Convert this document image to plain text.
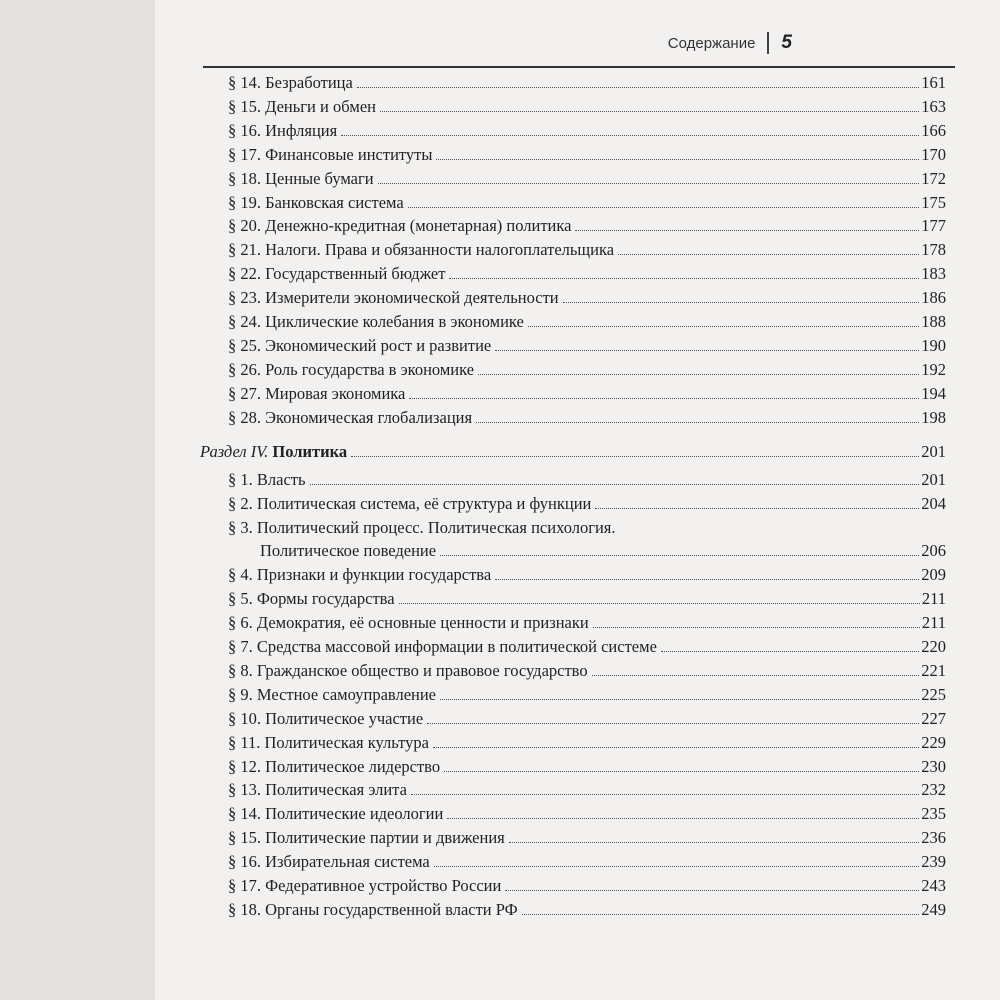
Содержание 5
§ 14. Безработица	161
§ 15. Деньги и обмен	163
§ 16. Инфляция	166
§ 17. Финансовые институты	170
§ 18. Ценные бумаги	172
§ 19. Банковская система	175
§ 20. Денежно-кредитная (монетарная) политика	177
§ 21. Налоги. Права и обязанности налогоплательщика	178
§ 22. Государственный бюджет	183
§ 23. Измерители экономической деятельности	186
§ 24. Циклические колебания в экономике	188
§ 25. Экономический рост и развитие	190
§ 26. Роль государства в экономике	192
§ 27. Мировая экономика	194
§ 28. Экономическая глобализация	198
Раздел IV. Политика	201
§ 1. Власть	201
§ 2. Политическая система, её структура и функции	204
§ 3. Политический процесс. Политическая психология.
Политическое поведение	206
§ 4. Признаки и функции государства	209
§ 5. Формы государства	211
§ 6. Демократия, её основные ценности и признаки	211
§ 7. Средства массовой информации в политической системе	220
§ 8. Гражданское общество и правовое государство	221
§ 9. Местное самоуправление	225
§ 10. Политическое участие	227
§ 11. Политическая культура	229
§ 12. Политическое лидерство	230
§ 13. Политическая элита	232
§ 14. Политические идеологии	235
§ 15. Политические партии и движения	236
§ 16. Избирательная система	239
§ 17. Федеративное устройство России	243
§ 18. Органы государственной власти РФ	249
